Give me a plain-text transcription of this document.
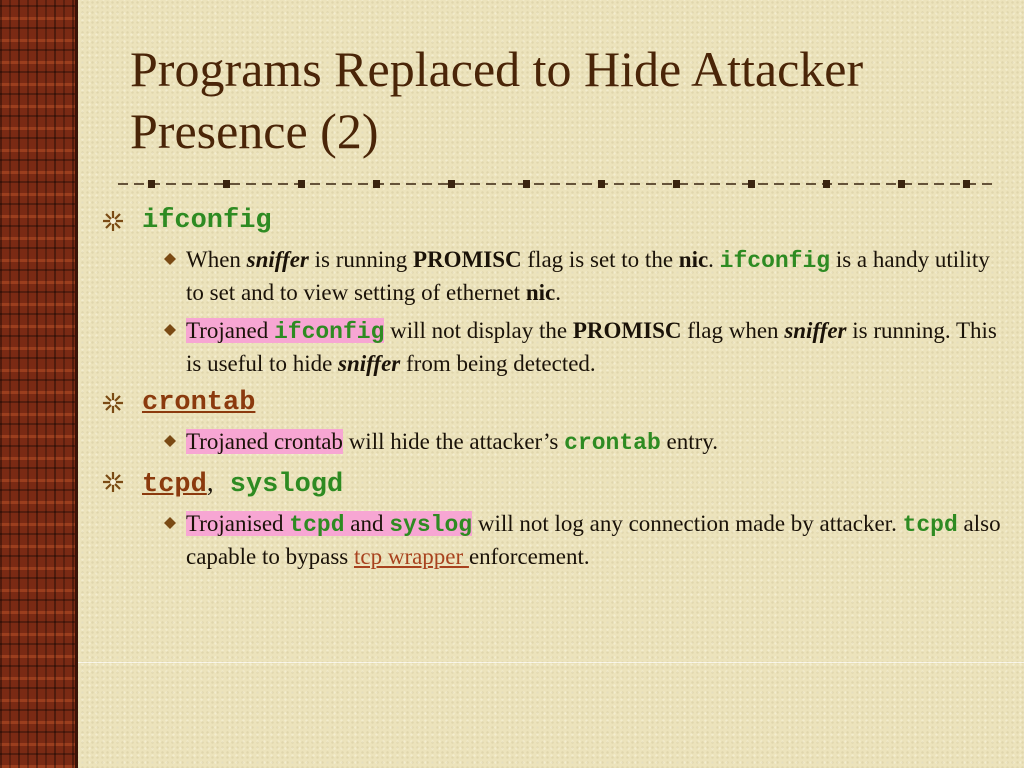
Programs Replaced to Hide Attacker
Presence (2)
ifconfig
When sniffer is running PROMISC flag is set to the nic. ifconfig is a handy utility to set and to view setting of ethernet nic.
Trojaned ifconfig will not display the PROMISC flag when sniffer is running. This is useful to hide sniffer from being detected.
crontab
Trojaned crontab will hide the attacker’s crontab entry.
tcpd, syslogd
Trojanised tcpd and syslog will not log any connection made by attacker. tcpd also capable to bypass tcp wrapper enforcement.
